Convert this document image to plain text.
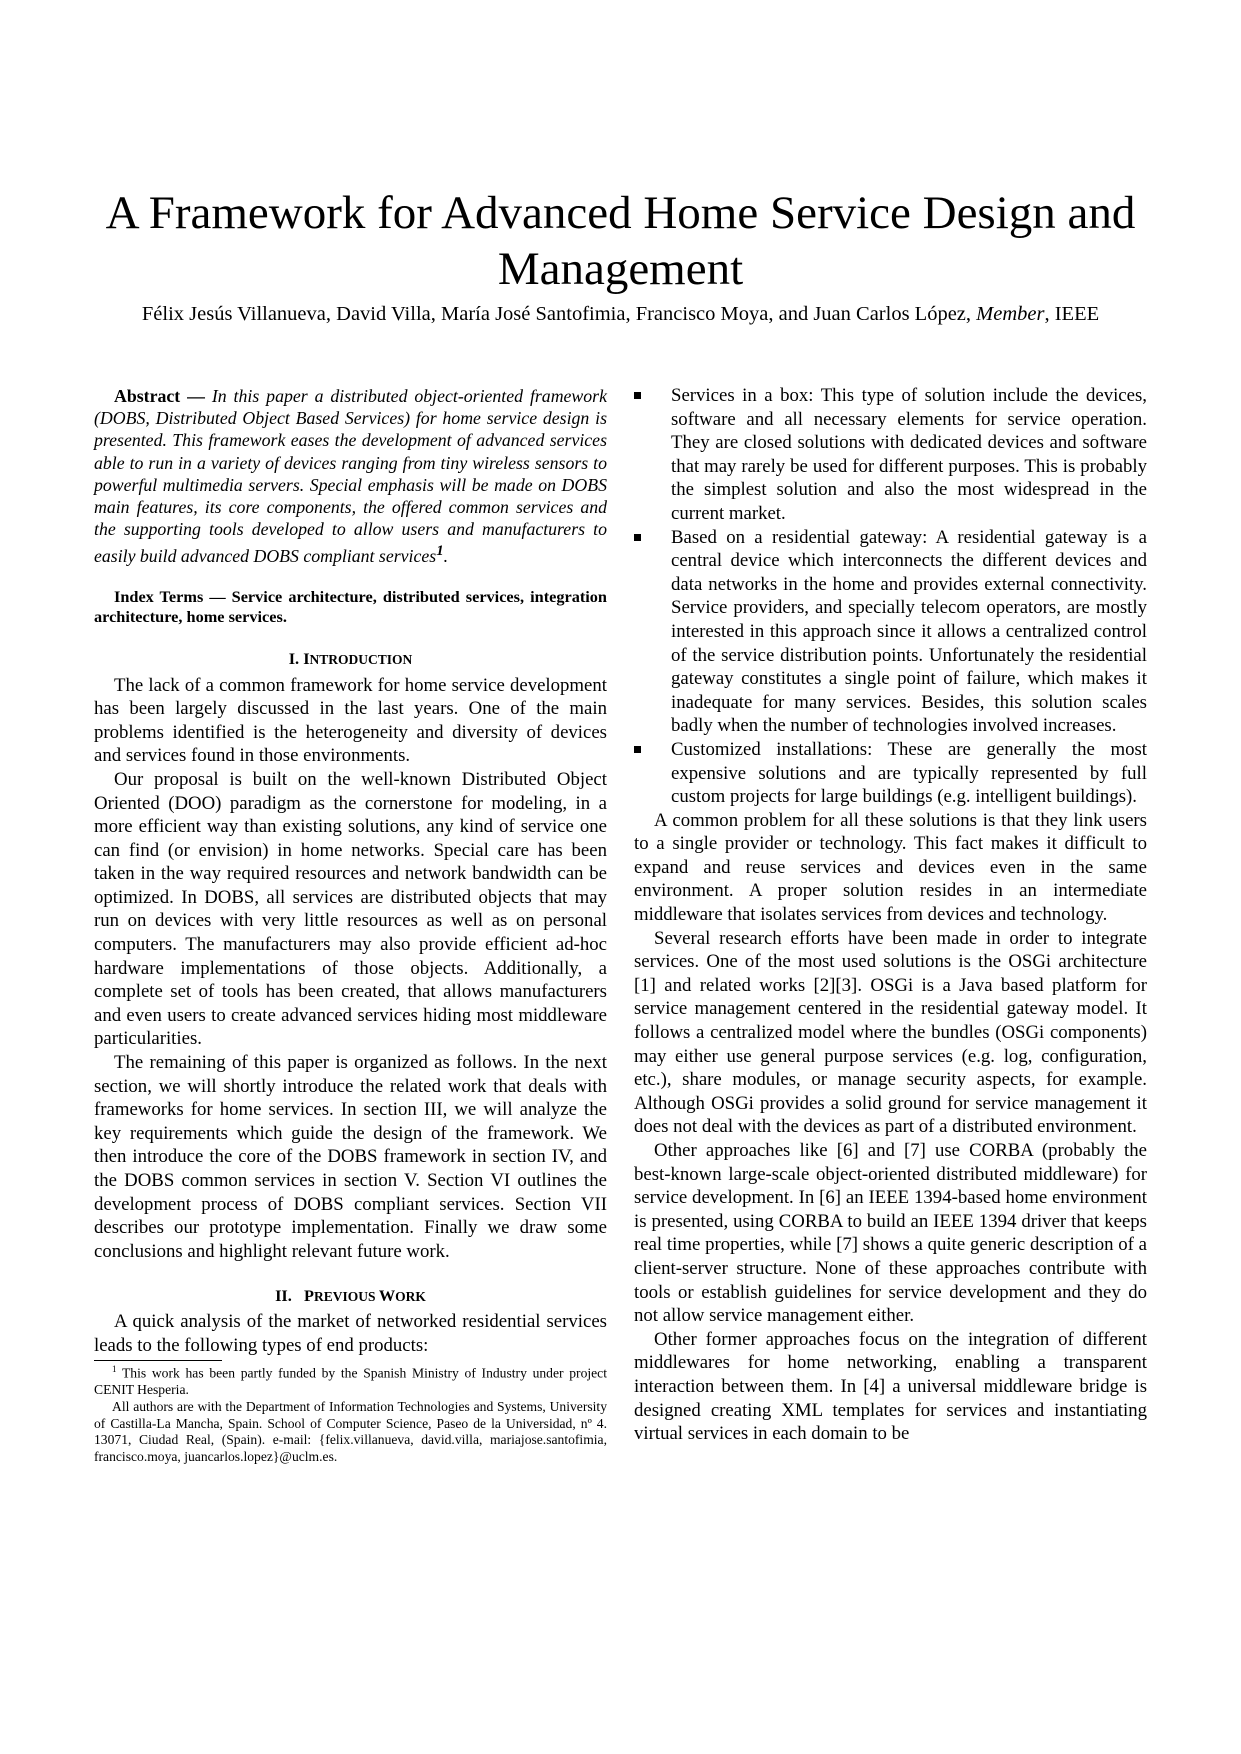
A Framework for Advanced Home Service Design and Management

Félix Jesús Villanueva, David Villa, María José Santofimia, Francisco Moya, and Juan Carlos López, Member, IEEE

Abstract — In this paper a distributed object-oriented framework (DOBS, Distributed Object Based Services) for home service design is presented. This framework eases the development of advanced services able to run in a variety of devices ranging from tiny wireless sensors to powerful multimedia servers. Special emphasis will be made on DOBS main features, its core components, the offered common services and the supporting tools developed to allow users and manufacturers to easily build advanced DOBS compliant services$^1$.

Index Terms — Service architecture, distributed services, integration architecture, home services.

I. INTRODUCTION

The lack of a common framework for home service development has been largely discussed in the last years. One of the main problems identified is the heterogeneity and diversity of devices and services found in those environments.

Our proposal is built on the well-known Distributed Object Oriented (DOO) paradigm as the cornerstone for modeling, in a more efficient way than existing solutions, any kind of service one can find (or envision) in home networks. Special care has been taken in the way required resources and network bandwidth can be optimized. In DOBS, all services are distributed objects that may run on devices with very little resources as well as on personal computers. The manufacturers may also provide efficient ad-hoc hardware implementations of those objects. Additionally, a complete set of tools has been created, that allows manufacturers and even users to create advanced services hiding most middleware particularities.

The remaining of this paper is organized as follows. In the next section, we will shortly introduce the related work that deals with frameworks for home services. In section III, we will analyze the key requirements which guide the design of the framework. We then introduce the core of the DOBS framework in section IV, and the DOBS common services in section V. Section VI outlines the development process of DOBS compliant services. Section VII describes our prototype implementation. Finally we draw some conclusions and highlight relevant future work.

II.   PREVIOUS WORK

A quick analysis of the market of networked residential services leads to the following types of end products:

$^1$ This work has been partly funded by the Spanish Ministry of Industry under project CENIT Hesperia.

All authors are with the Department of Information Technologies and Systems, University of Castilla-La Mancha, Spain. School of Computer Science, Paseo de la Universidad, nº 4. 13071, Ciudad Real, (Spain). e-mail: {felix.villanueva, david.villa, mariajose.santofimia, francisco.moya, juancarlos.lopez}@uclm.es.

Services in a box: This type of solution include the devices, software and all necessary elements for service operation. They are closed solutions with dedicated devices and software that may rarely be used for different purposes. This is probably the simplest solution and also the most widespread in the current market.
Based on a residential gateway: A residential gateway is a central device which interconnects the different devices and data networks in the home and provides external connectivity. Service providers, and specially telecom operators, are mostly interested in this approach since it allows a centralized control of the service distribution points. Unfortunately the residential gateway constitutes a single point of failure, which makes it inadequate for many services. Besides, this solution scales badly when the number of technologies involved increases.
Customized installations: These are generally the most expensive solutions and are typically represented by full custom projects for large buildings (e.g. intelligent buildings).

A common problem for all these solutions is that they link users to a single provider or technology. This fact makes it difficult to expand and reuse services and devices even in the same environment. A proper solution resides in an intermediate middleware that isolates services from devices and technology.

Several research efforts have been made in order to integrate services. One of the most used solutions is the OSGi architecture [1] and related works [2][3]. OSGi is a Java based platform for service management centered in the residential gateway model. It follows a centralized model where the bundles (OSGi components) may either use general purpose services (e.g. log, configuration, etc.), share modules, or manage security aspects, for example. Although OSGi provides a solid ground for service management it does not deal with the devices as part of a distributed environment.

Other approaches like [6] and [7] use CORBA (probably the best-known large-scale object-oriented distributed middleware) for service development. In [6] an IEEE 1394-based home environment is presented, using CORBA to build an IEEE 1394 driver that keeps real time properties, while [7] shows a quite generic description of a client-server structure. None of these approaches contribute with tools or establish guidelines for service development and they do not allow service management either.

Other former approaches focus on the integration of different middlewares for home networking, enabling a transparent interaction between them. In [4] a universal middleware bridge is designed creating XML templates for services and instantiating virtual services in each domain to be
